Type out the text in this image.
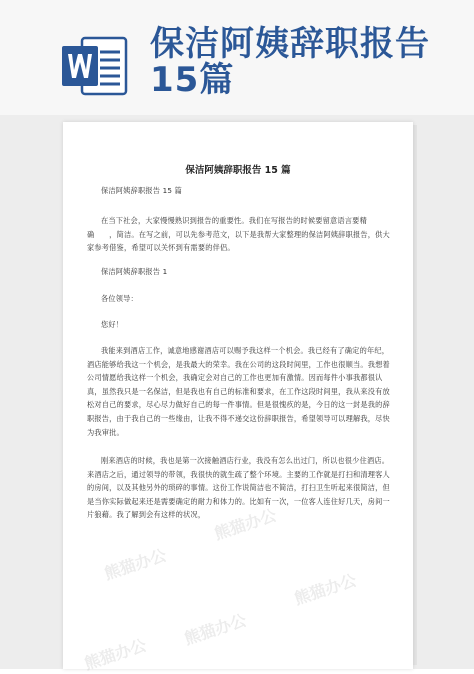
保洁阿姨辞职报告15篇
保洁阿姨辞职报告 15 篇
保洁阿姨辞职报告 15 篇
在当下社会，大家慢慢熟识到报告的重要性。我们在写报告的时候要留意语言要精确　　，简洁。在写之前，可以先参考范文，以下是我帮大家整理的保洁阿姨辞职报告，供大家参考借鉴，希望可以关怀到有需要的伴侣。
保洁阿姨辞职报告 1
各位领导：
您好！
我能来到酒店工作，诚意地感谢酒店可以赐予我这样一个机会。我已经有了确定的年纪，酒店能够给我这一个机会，是我最大的荣幸。我在公司的这段时间里，工作也很顺当。我想着公司情愿给我这样一个机会，我确定会对自己的工作也更加有激情。因而每件小事我都很认真，虽然我只是一名保洁，但是我也有自己的标准和要求，在工作这段时间里，我从来没有放松对自己的要求，尽心尽力做好自己的每一件事情。但是很愧疚的是，今日的这一封是我的辞职报告，由于我自己的一些缘由，让我不得不递交这份辞职报告，希望领导可以理解我，尽快为我审批。
刚来酒店的时候，我也是第一次接触酒店行业，我没有怎么出过门，所以也很少住酒店。来酒店之后，通过领导的带领，我很快的就生疏了整个环境。主要的工作就是打扫和清理客人的房间，以及其他另外的琐碎的事情。这份工作说简洁也不简洁，打扫卫生听起来很简洁，但是当你实际做起来还是需要确定的耐力和体力的。比如有一次，一位客人连住好几天，房间一片狼藉。我了解到会有这样的状况， 熊猫办公
熊猫办公
熊猫办公
熊猫办公
熊猫办公
